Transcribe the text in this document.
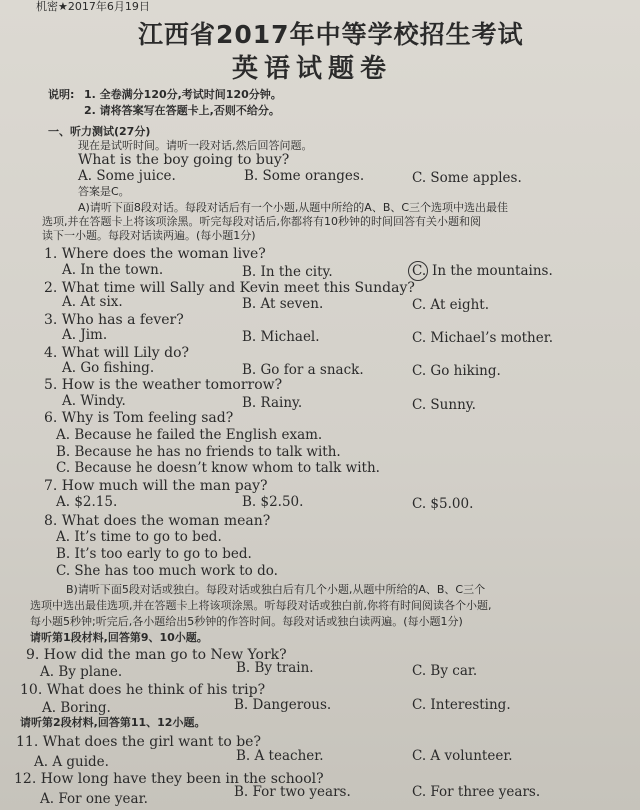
机密★2017年6月19日
江西省2017年中等学校招生考试
英语试题卷
说明: 1. 全卷满分120分,考试时间120分钟。
2. 请将答案写在答题卡上,否则不给分。
一、听力测试(27分)
现在是试听时间。请听一段对话,然后回答问题。
What is the boy going to buy?
A. Some juice.	B. Some oranges.	C. Some apples.
答案是C。
A)请听下面8段对话。每段对话后有一个小题,从题中所给的A、B、C三个选项中选出最佳
选项,并在答题卡上将该项涂黑。听完每段对话后,你都将有10秒钟的时间回答有关小题和阅
读下一小题。每段对话读两遍。(每小题1分)
1. Where does the woman live?
A. In the town.	B. In the city.	C. In the mountains.
2. What time will Sally and Kevin meet this Sunday?
A. At six.	B. At seven.	C. At eight.
3. Who has a fever?
A. Jim.	B. Michael.	C. Michael’s mother.
4. What will Lily do?
A. Go fishing.	B. Go for a snack.	C. Go hiking.
5. How is the weather tomorrow?
A. Windy.	B. Rainy.	C. Sunny.
6. Why is Tom feeling sad?
A. Because he failed the English exam.
B. Because he has no friends to talk with.
C. Because he doesn’t know whom to talk with.
7. How much will the man pay?
A. $2.15.	B. $2.50.	C. $5.00.
8. What does the woman mean?
A. It’s time to go to bed.
B. It’s too early to go to bed.
C. She has too much work to do.
B)请听下面5段对话或独白。每段对话或独白后有几个小题,从题中所给的A、B、C三个
选项中选出最佳选项,并在答题卡上将该项涂黑。听每段对话或独白前,你将有时间阅读各个小题,
每小题5秒钟;听完后,各小题给出5秒钟的作答时间。每段对话或独白读两遍。(每小题1分)
请听第1段材料,回答第9、10小题。
9. How did the man go to New York?
A. By plane.	B. By train.	C. By car.
10. What does he think of his trip?
A. Boring.	B. Dangerous.	C. Interesting.
请听第2段材料,回答第11、12小题。
11. What does the girl want to be?
A. A guide.	B. A teacher.	C. A volunteer.
12. How long have they been in the school?
A. For one year.	B. For two years.	C. For three years.
